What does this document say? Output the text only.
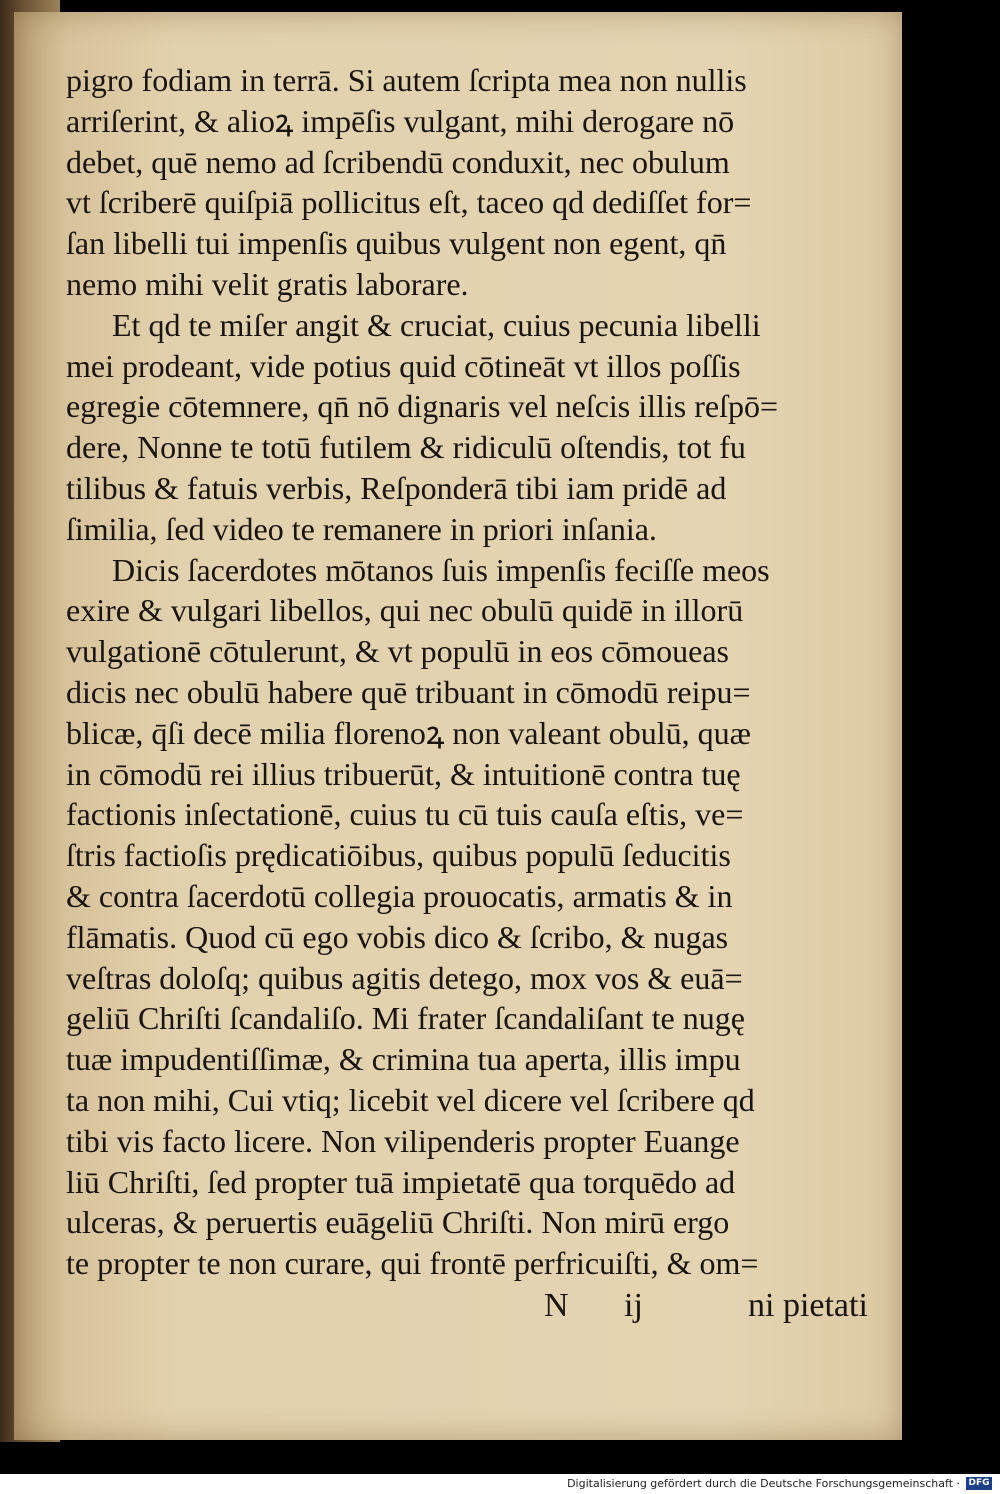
pigro fodiam in terrā. Si autem ſcripta mea non nullis
arriſerint, & alioꝝ impēſis vulgant, mihi derogare nō
debet, quē nemo ad ſcribendū conduxit, nec obulum
vt ſcriberē quiſpiā pollicitus eſt, taceo qd dediſſet for=
ſan libelli tui impenſis quibus vulgent non egent, qn̄
nemo mihi velit gratis laborare.
Et qd te miſer angit & cruciat, cuius pecunia libelli
mei prodeant, vide potius quid cōtineāt vt illos poſſis
egregie cōtemnere, qn̄ nō dignaris vel neſcis illis reſpō=
dere, Nonne te totū futilem & ridiculū oſtendis, tot fu
tilibus & fatuis verbis, Reſponderā tibi iam pridē ad
ſimilia, ſed video te remanere in priori inſania.
Dicis ſacerdotes mōtanos ſuis impenſis feciſſe meos
exire & vulgari libellos, qui nec obulū quidē in illorū
vulgationē cōtulerunt, & vt populū in eos cōmoueas
dicis nec obulū habere quē tribuant in cōmodū reipu=
blicæ, q̄ſi decē milia florenoꝝ non valeant obulū, quæ
in cōmodū rei illius tribuerūt, & intuitionē contra tuę
factionis inſectationē, cuius tu cū tuis cauſa eſtis, ve=
ſtris factioſis prędicatiōibus, quibus populū ſeducitis
& contra ſacerdotū collegia prouocatis, armatis & in
flāmatis. Quod cū ego vobis dico & ſcribo, & nugas
veſtras doloſq; quibus agitis detego, mox vos & euā=
geliū Chriſti ſcandaliſo. Mi frater ſcandaliſant te nugę
tuæ impudentiſſimæ, & crimina tua aperta, illis impu
ta non mihi, Cui vtiq; licebit vel dicere vel ſcribere qd
tibi vis facto licere. Non vilipenderis propter Euange
liū Chriſti, ſed propter tuā impietatē qua torquēdo ad
ulceras, & peruertis euāgeliū Chriſti. Non mirū ergo
te propter te non curare, qui frontē perfricuiſti, & om=
N ij	ni pietati
Digitalisierung gefördert durch die Deutsche Forschungsgemeinschaft · DFG
